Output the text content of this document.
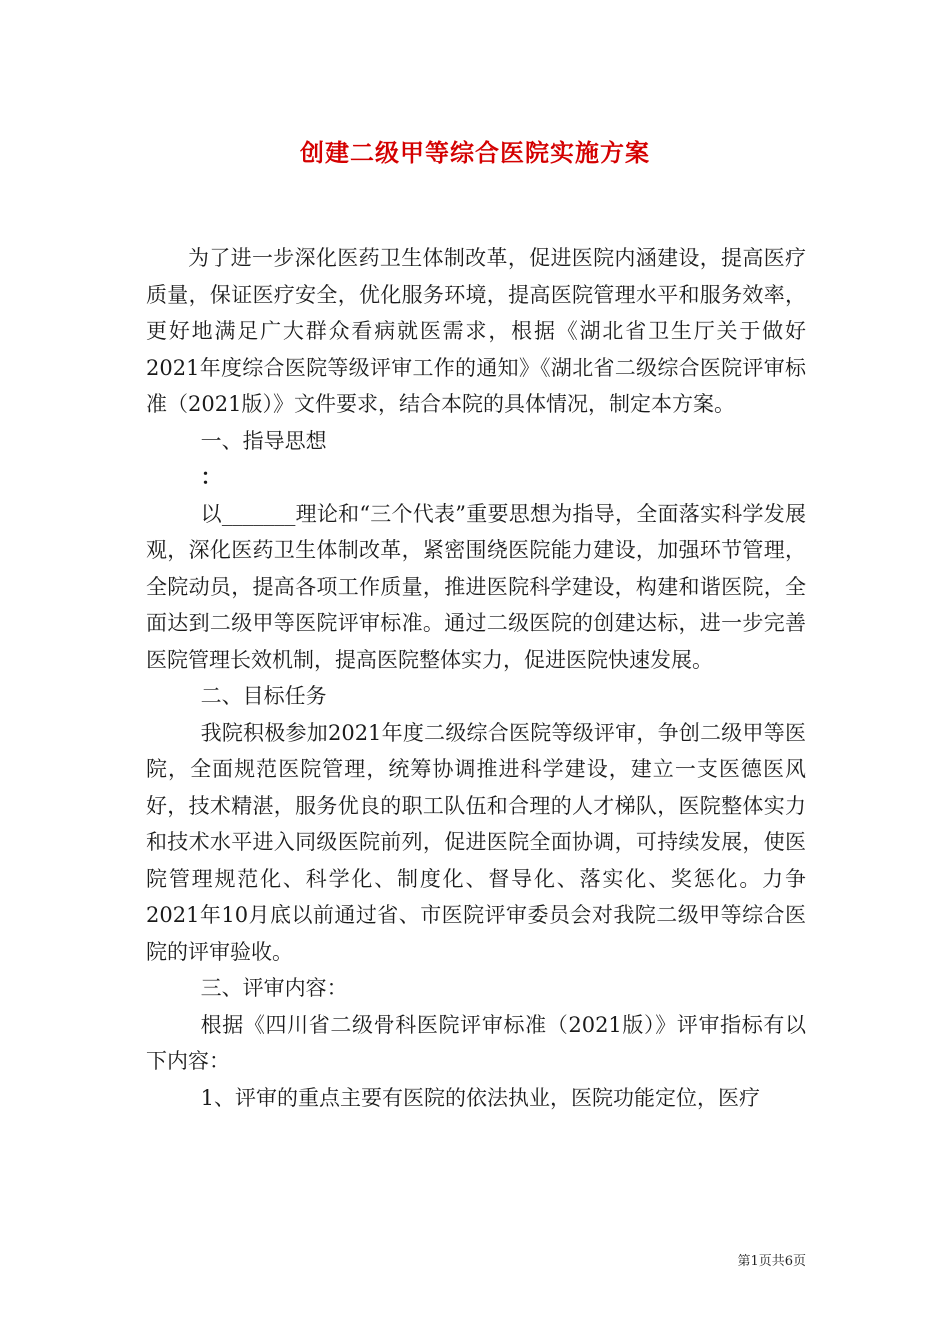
创建二级甲等综合医院实施方案

为了进一步深化医药卫生体制改革，促进医院内涵建设，提高医疗质量，保证医疗安全，优化服务环境，提高医院管理水平和服务效率，更好地满足广大群众看病就医需求，根据《湖北省卫生厅关于做好2021年度综合医院等级评审工作的通知》《湖北省二级综合医院评审标准（2021版）》文件要求，结合本院的具体情况，制定本方案。

一、指导思想

：

以_______理论和“三个代表”重要思想为指导，全面落实科学发展观，深化医药卫生体制改革，紧密围绕医院能力建设，加强环节管理，全院动员，提高各项工作质量，推进医院科学建设，构建和谐医院，全面达到二级甲等医院评审标准。通过二级医院的创建达标，进一步完善医院管理长效机制，提高医院整体实力，促进医院快速发展。

二、目标任务

我院积极参加2021年度二级综合医院等级评审，争创二级甲等医院，全面规范医院管理，统筹协调推进科学建设，建立一支医德医风好，技术精湛，服务优良的职工队伍和合理的人才梯队，医院整体实力和技术水平进入同级医院前列，促进医院全面协调，可持续发展，使医院管理规范化、科学化、制度化、督导化、落实化、奖惩化。力争2021年10月底以前通过省、市医院评审委员会对我院二级甲等综合医院的评审验收。

三、评审内容：

根据《四川省二级骨科医院评审标准（2021版）》评审指标有以下内容：

1、评审的重点主要有医院的依法执业，医院功能定位，医疗

第1页共6页
